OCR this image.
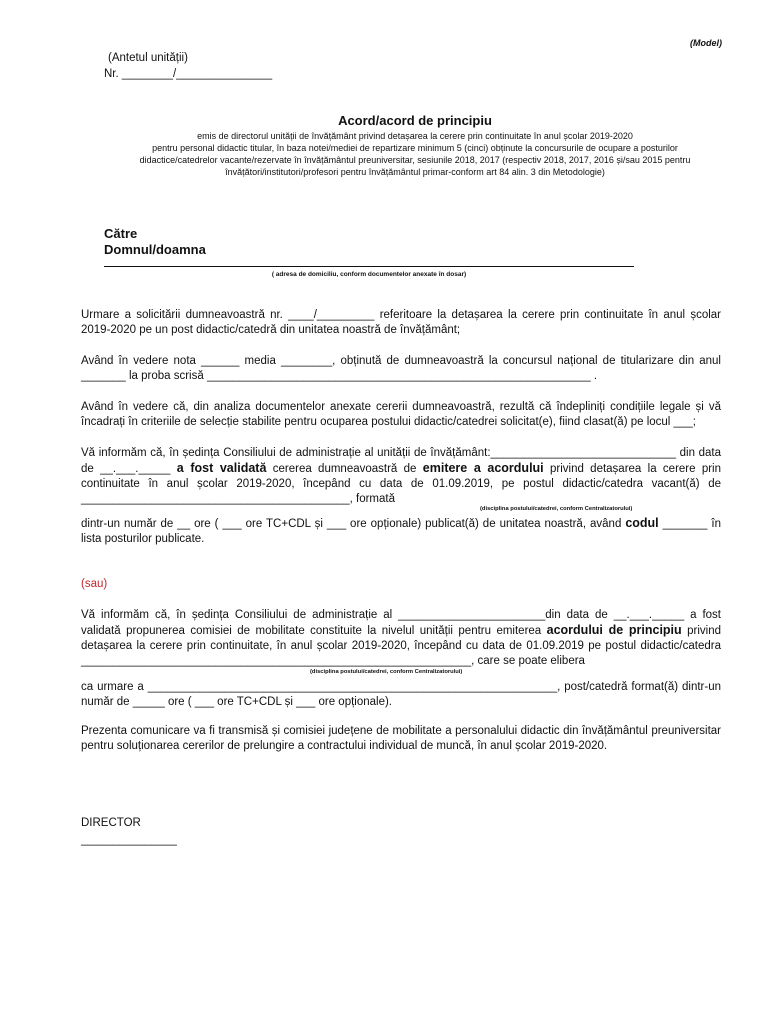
(Model)
(Antetul unității)
Nr. ________/_______________

Acord/acord de principiu

emis de directorul unității de învățământ privind detașarea la cerere prin continuitate în anul școlar 2019-2020

pentru personal didactic titular, în baza notei/mediei de repartizare minimum 5 (cinci) obținute la concursurile de ocupare a posturilor

didactice/catedrelor vacante/rezervate în învățământul preuniversitar, sesiunile 2018, 2017 (respectiv 2018, 2017, 2016 și/sau 2015 pentru

învățători/institutori/profesori pentru învățământul primar-conform art 84 alin. 3 din Metodologie)

Către
Domnul/doamna
( adresa de domiciliu, conform documentelor anexate în dosar)

Urmare a solicitării dumneavoastră nr. ____/_________ referitoare la detașarea la cerere prin continuitate în anul școlar 2019-2020 pe un post didactic/catedră din unitatea noastră de învățământ;

Având în vedere nota ______ media ________, obținută de dumneavoastră la concursul național de titularizare din anul _______ la proba scrisă ____________________________________________________________ .

Având în vedere că, din analiza documentelor anexate cererii dumneavoastră, rezultă că îndepliniți condițiile legale și vă încadrați în criteriile de selecție stabilite pentru ocuparea postului didactic/catedrei solicitat(e), fiind clasat(ă) pe locul ___;

Vă informăm că, în ședința Consiliului de administrație al unității de învățământ:_____________________________ din data de __.___._____ a fost validată cererea dumneavoastră de emitere a acordului privind detașarea la cerere prin continuitate în anul școlar 2019-2020, începând cu data de 01.09.2019, pe postul didactic/catedra vacant(ă) de __________________________________________, formată

(disciplina postului/catedrei, conform Centralizatorului)

dintr-un număr de __ ore ( ___ ore TC+CDL și ___ ore opționale) publicat(ă) de unitatea noastră, având codul _______ în lista posturilor publicate.

(sau)

Vă informăm că, în ședința Consiliului de administrație al _______________________din data de __.___._____ a fost validată propunerea comisiei de mobilitate constituite la nivelul unității pentru emiterea acordului de principiu privind detașarea la cerere prin continuitate, în anul școlar 2019-2020, începând cu data de 01.09.2019 pe postul didactic/catedra _____________________________________________________________, care se poate elibera

(disciplina postului/catedrei, conform Centralizatorului)

ca urmare a ________________________________________________________________, post/catedră format(ă) dintr-un număr de _____ ore ( ___ ore TC+CDL și ___ ore opționale).

Prezenta comunicare va fi transmisă și comisiei județene de mobilitate a personalului didactic din învățământul preuniversitar pentru soluționarea cererilor de prelungire a contractului individual de muncă, în anul școlar 2019-2020.

DIRECTOR
_______________
